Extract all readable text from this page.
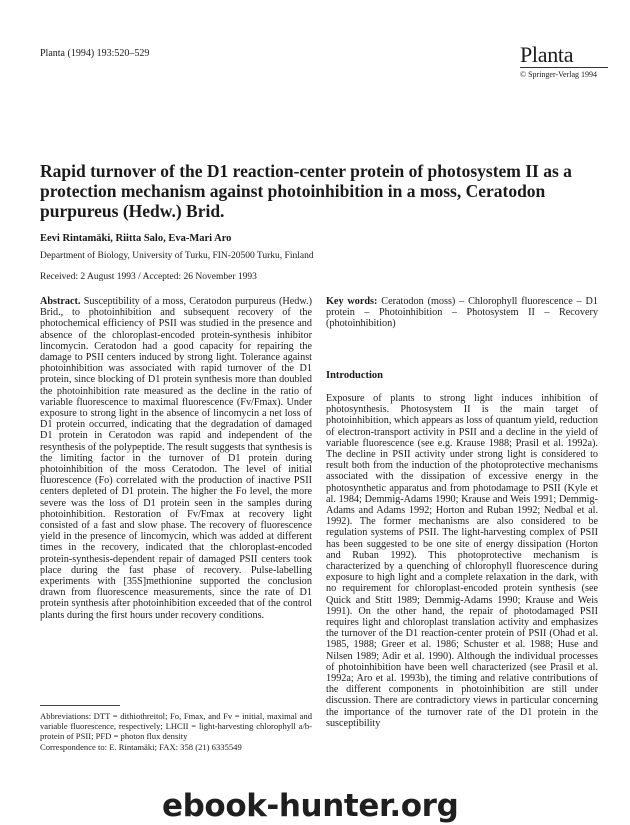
Planta (1994) 193:520–529	Planta
© Springer-Verlag 1994
Rapid turnover of the D1 reaction-center protein of photosystem II as a protection mechanism against photoinhibition in a moss, Ceratodon purpureus (Hedw.) Brid.
Eevi Rintamäki, Riitta Salo, Eva-Mari Aro
Department of Biology, University of Turku, FIN-20500 Turku, Finland
Received: 2 August 1993 / Accepted: 26 November 1993

Abstract. Susceptibility of a moss, Ceratodon purpureus (Hedw.) Brid., to photoinhibition and subsequent recovery of the photochemical efficiency of PSII was studied in the presence and absence of the chloroplast-encoded protein-synthesis inhibitor lincomycin. Ceratodon had a good capacity for repairing the damage to PSII centers induced by strong light. Tolerance against photoinhibition was associated with rapid turnover of the D1 protein, since blocking of D1 protein synthesis more than doubled the photoinhibition rate measured as the decline in the ratio of variable fluorescence to maximal fluorescence (Fv/Fmax). Under exposure to strong light in the absence of lincomycin a net loss of D1 protein occurred, indicating that the degradation of damaged D1 protein in Ceratodon was rapid and independent of the resynthesis of the polypeptide. The result suggests that synthesis is the limiting factor in the turnover of D1 protein during photoinhibition of the moss Ceratodon. The level of initial fluorescence (Fo) correlated with the production of inactive PSII centers depleted of D1 protein. The higher the Fo level, the more severe was the loss of D1 protein seen in the samples during photoinhibition. Restoration of Fv/Fmax at recovery light consisted of a fast and slow phase. The recovery of fluorescence yield in the presence of lincomycin, which was added at different times in the recovery, indicated that the chloroplast-encoded protein-synthesis-dependent repair of damaged PSII centers took place during the fast phase of recovery. Pulse-labelling experiments with [35S]methionine supported the conclusion drawn from fluorescence measurements, since the rate of D1 protein synthesis after photoinhibition exceeded that of the control plants during the first hours under recovery conditions.

Key words: Ceratodon (moss) – Chlorophyll fluorescence – D1 protein – Photoinhibition – Photosystem II – Recovery (photoinhibition)

Introduction

Exposure of plants to strong light induces inhibition of photosynthesis. Photosystem II is the main target of photoinhibition, which appears as loss of quantum yield, reduction of electron-transport activity in PSII and a decline in the yield of variable fluorescence (see e.g. Krause 1988; Prasil et al. 1992a). The decline in PSII activity under strong light is considered to result both from the induction of the photoprotective mechanisms associated with the dissipation of excessive energy in the photosynthetic apparatus and from photodamage to PSII (Kyle et al. 1984; Demmig-Adams 1990; Krause and Weis 1991; Demmig-Adams and Adams 1992; Horton and Ruban 1992; Nedbal et al. 1992). The former mechanisms are also considered to be regulation systems of PSII. The light-harvesting complex of PSII has been suggested to be one site of energy dissipation (Horton and Ruban 1992). This photoprotective mechanism is characterized by a quenching of chlorophyll fluorescence during exposure to high light and a complete relaxation in the dark, with no requirement for chloroplast-encoded protein synthesis (see Quick and Stitt 1989; Demmig-Adams 1990; Krause and Weis 1991). On the other hand, the repair of photodamaged PSII requires light and chloroplast translation activity and emphasizes the turnover of the D1 reaction-center protein of PSII (Ohad et al. 1985, 1988; Greer et al. 1986; Schuster et al. 1988; Huse and Nilsen 1989; Adir et al. 1990). Although the individual processes of photoinhibition have been well characterized (see Prasil et al. 1992a; Aro et al. 1993b), the timing and relative contributions of the different components in photoinhibition are still under discussion. There are contradictory views in particular concerning the importance of the turnover rate of the D1 protein in the susceptibility

Abbreviations: DTT = dithiothreitol; Fo, Fmax, and Fv = initial, maximal and variable fluorescence, respectively; LHCII = light-harvesting chlorophyll a/b-protein of PSII; PFD = photon flux density

Correspondence to: E. Rintamäki; FAX: 358 (21) 6335549

ebook-hunter.org
